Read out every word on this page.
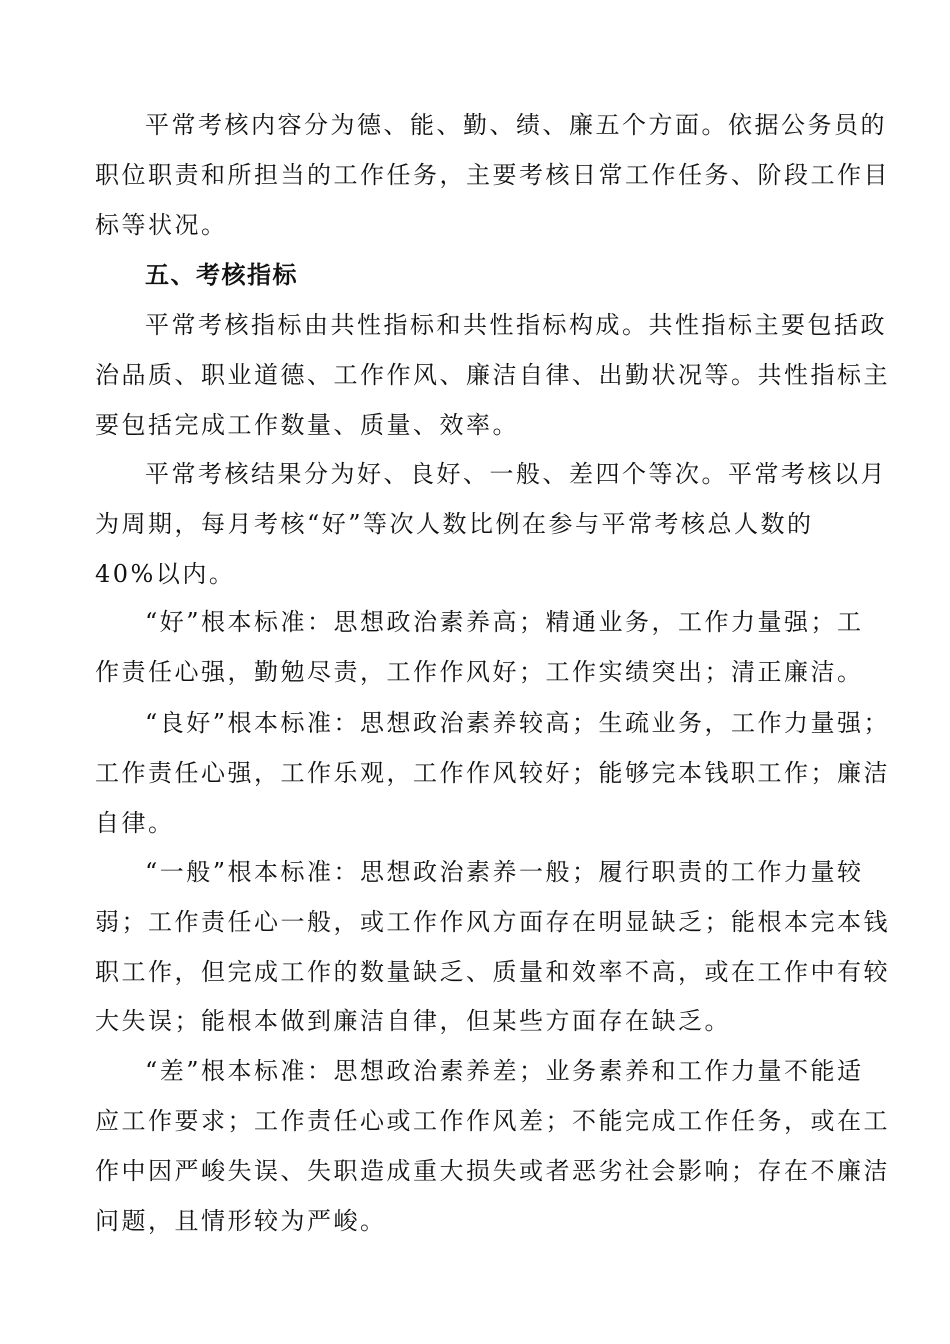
平常考核内容分为德、能、勤、绩、廉五个方面。依据公务员的
职位职责和所担当的工作任务，主要考核日常工作任务、阶段工作目
标等状况。
五、考核指标
平常考核指标由共性指标和共性指标构成。共性指标主要包括政
治品质、职业道德、工作作风、廉洁自律、出勤状况等。共性指标主
要包括完成工作数量、质量、效率。
平常考核结果分为好、良好、一般、差四个等次。平常考核以月
为周期，每月考核“好”等次人数比例在参与平常考核总人数的
40%以内。
“好”根本标准：思想政治素养高；精通业务，工作力量强；工
作责任心强，勤勉尽责，工作作风好；工作实绩突出；清正廉洁。
“良好”根本标准：思想政治素养较高；生疏业务，工作力量强；
工作责任心强，工作乐观，工作作风较好；能够完本钱职工作；廉洁
自律。
“一般”根本标准：思想政治素养一般；履行职责的工作力量较
弱；工作责任心一般，或工作作风方面存在明显缺乏；能根本完本钱
职工作，但完成工作的数量缺乏、质量和效率不高，或在工作中有较
大失误；能根本做到廉洁自律，但某些方面存在缺乏。
“差”根本标准：思想政治素养差；业务素养和工作力量不能适
应工作要求；工作责任心或工作作风差；不能完成工作任务，或在工
作中因严峻失误、失职造成重大损失或者恶劣社会影响；存在不廉洁
问题，且情形较为严峻。
